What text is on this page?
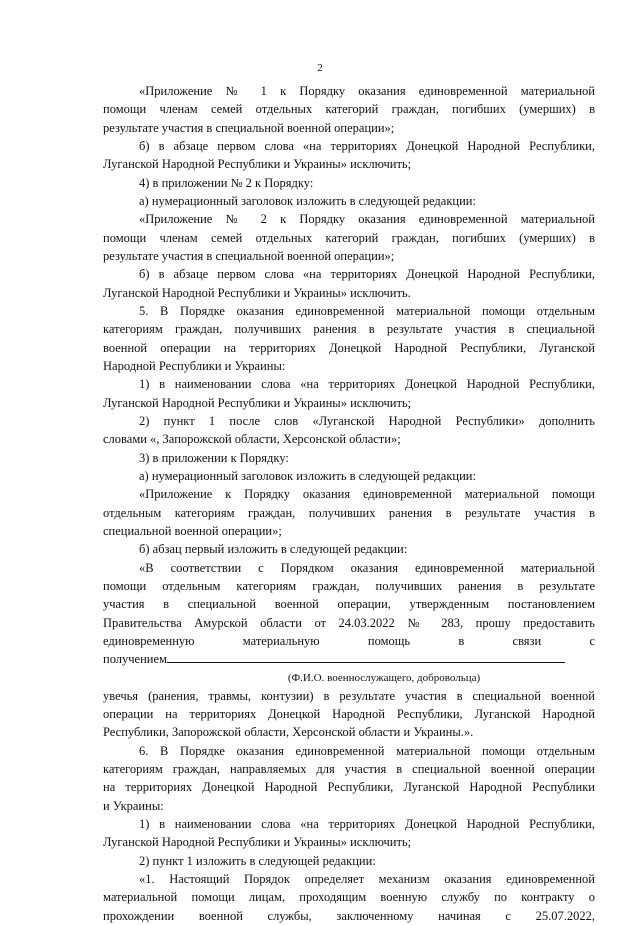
2
«Приложение № 1 к Порядку оказания единовременной материальной
помощи членам семей отдельных категорий граждан, погибших (умерших) в
результате участия в специальной военной операции»;
б) в абзаце первом слова «на территориях Донецкой Народной Республики,
Луганской Народной Республики и Украины» исключить;
4) в приложении № 2 к Порядку:
а) нумерационный заголовок изложить в следующей редакции:
«Приложение № 2 к Порядку оказания единовременной материальной
помощи членам семей отдельных категорий граждан, погибших (умерших) в
результате участия в специальной военной операции»;
б) в абзаце первом слова «на территориях Донецкой Народной Республики,
Луганской Народной Республики и Украины» исключить.
5. В Порядке оказания единовременной материальной помощи отдельным
категориям граждан, получивших ранения в результате участия в специальной
военной операции на территориях Донецкой Народной Республики, Луганской
Народной Республики и Украины:
1) в наименовании слова «на территориях Донецкой Народной Республики,
Луганской Народной Республики и Украины» исключить;
2) пункт 1 после слов «Луганской Народной Республики» дополнить
словами «, Запорожской области, Херсонской области»;
3) в приложении к Порядку:
а) нумерационный заголовок изложить в следующей редакции:
«Приложение к Порядку оказания единовременной материальной помощи
отдельным категориям граждан, получивших ранения в результате участия в
специальной военной операции»;
б) абзац первый изложить в следующей редакции:
«В соответствии с Порядком оказания единовременной материальной
помощи отдельным категориям граждан, получивших ранения в результате
участия в специальной военной операции, утвержденным постановлением
Правительства Амурской области от 24.03.2022 № 283, прошу предоставить
единовременную материальную помощь в связи с
получением
(Ф.И.О. военнослужащего, добровольца)
увечья (ранения, травмы, контузии) в результате участия в специальной военной
операции на территориях Донецкой Народной Республики, Луганской Народной
Республики, Запорожской области, Херсонской области и Украины.».
6. В Порядке оказания единовременной материальной помощи отдельным
категориям граждан, направляемых для участия в специальной военной операции
на территориях Донецкой Народной Республики, Луганской Народной Республики
и Украины:
1) в наименовании слова «на территориях Донецкой Народной Республики,
Луганской Народной Республики и Украины» исключить;
2) пункт 1 изложить в следующей редакции:
«1. Настоящий Порядок определяет механизм оказания единовременной
материальной помощи лицам, проходящим военную службу по контракту о
прохождении военной службы, заключенному начиная с 25.07.2022,
